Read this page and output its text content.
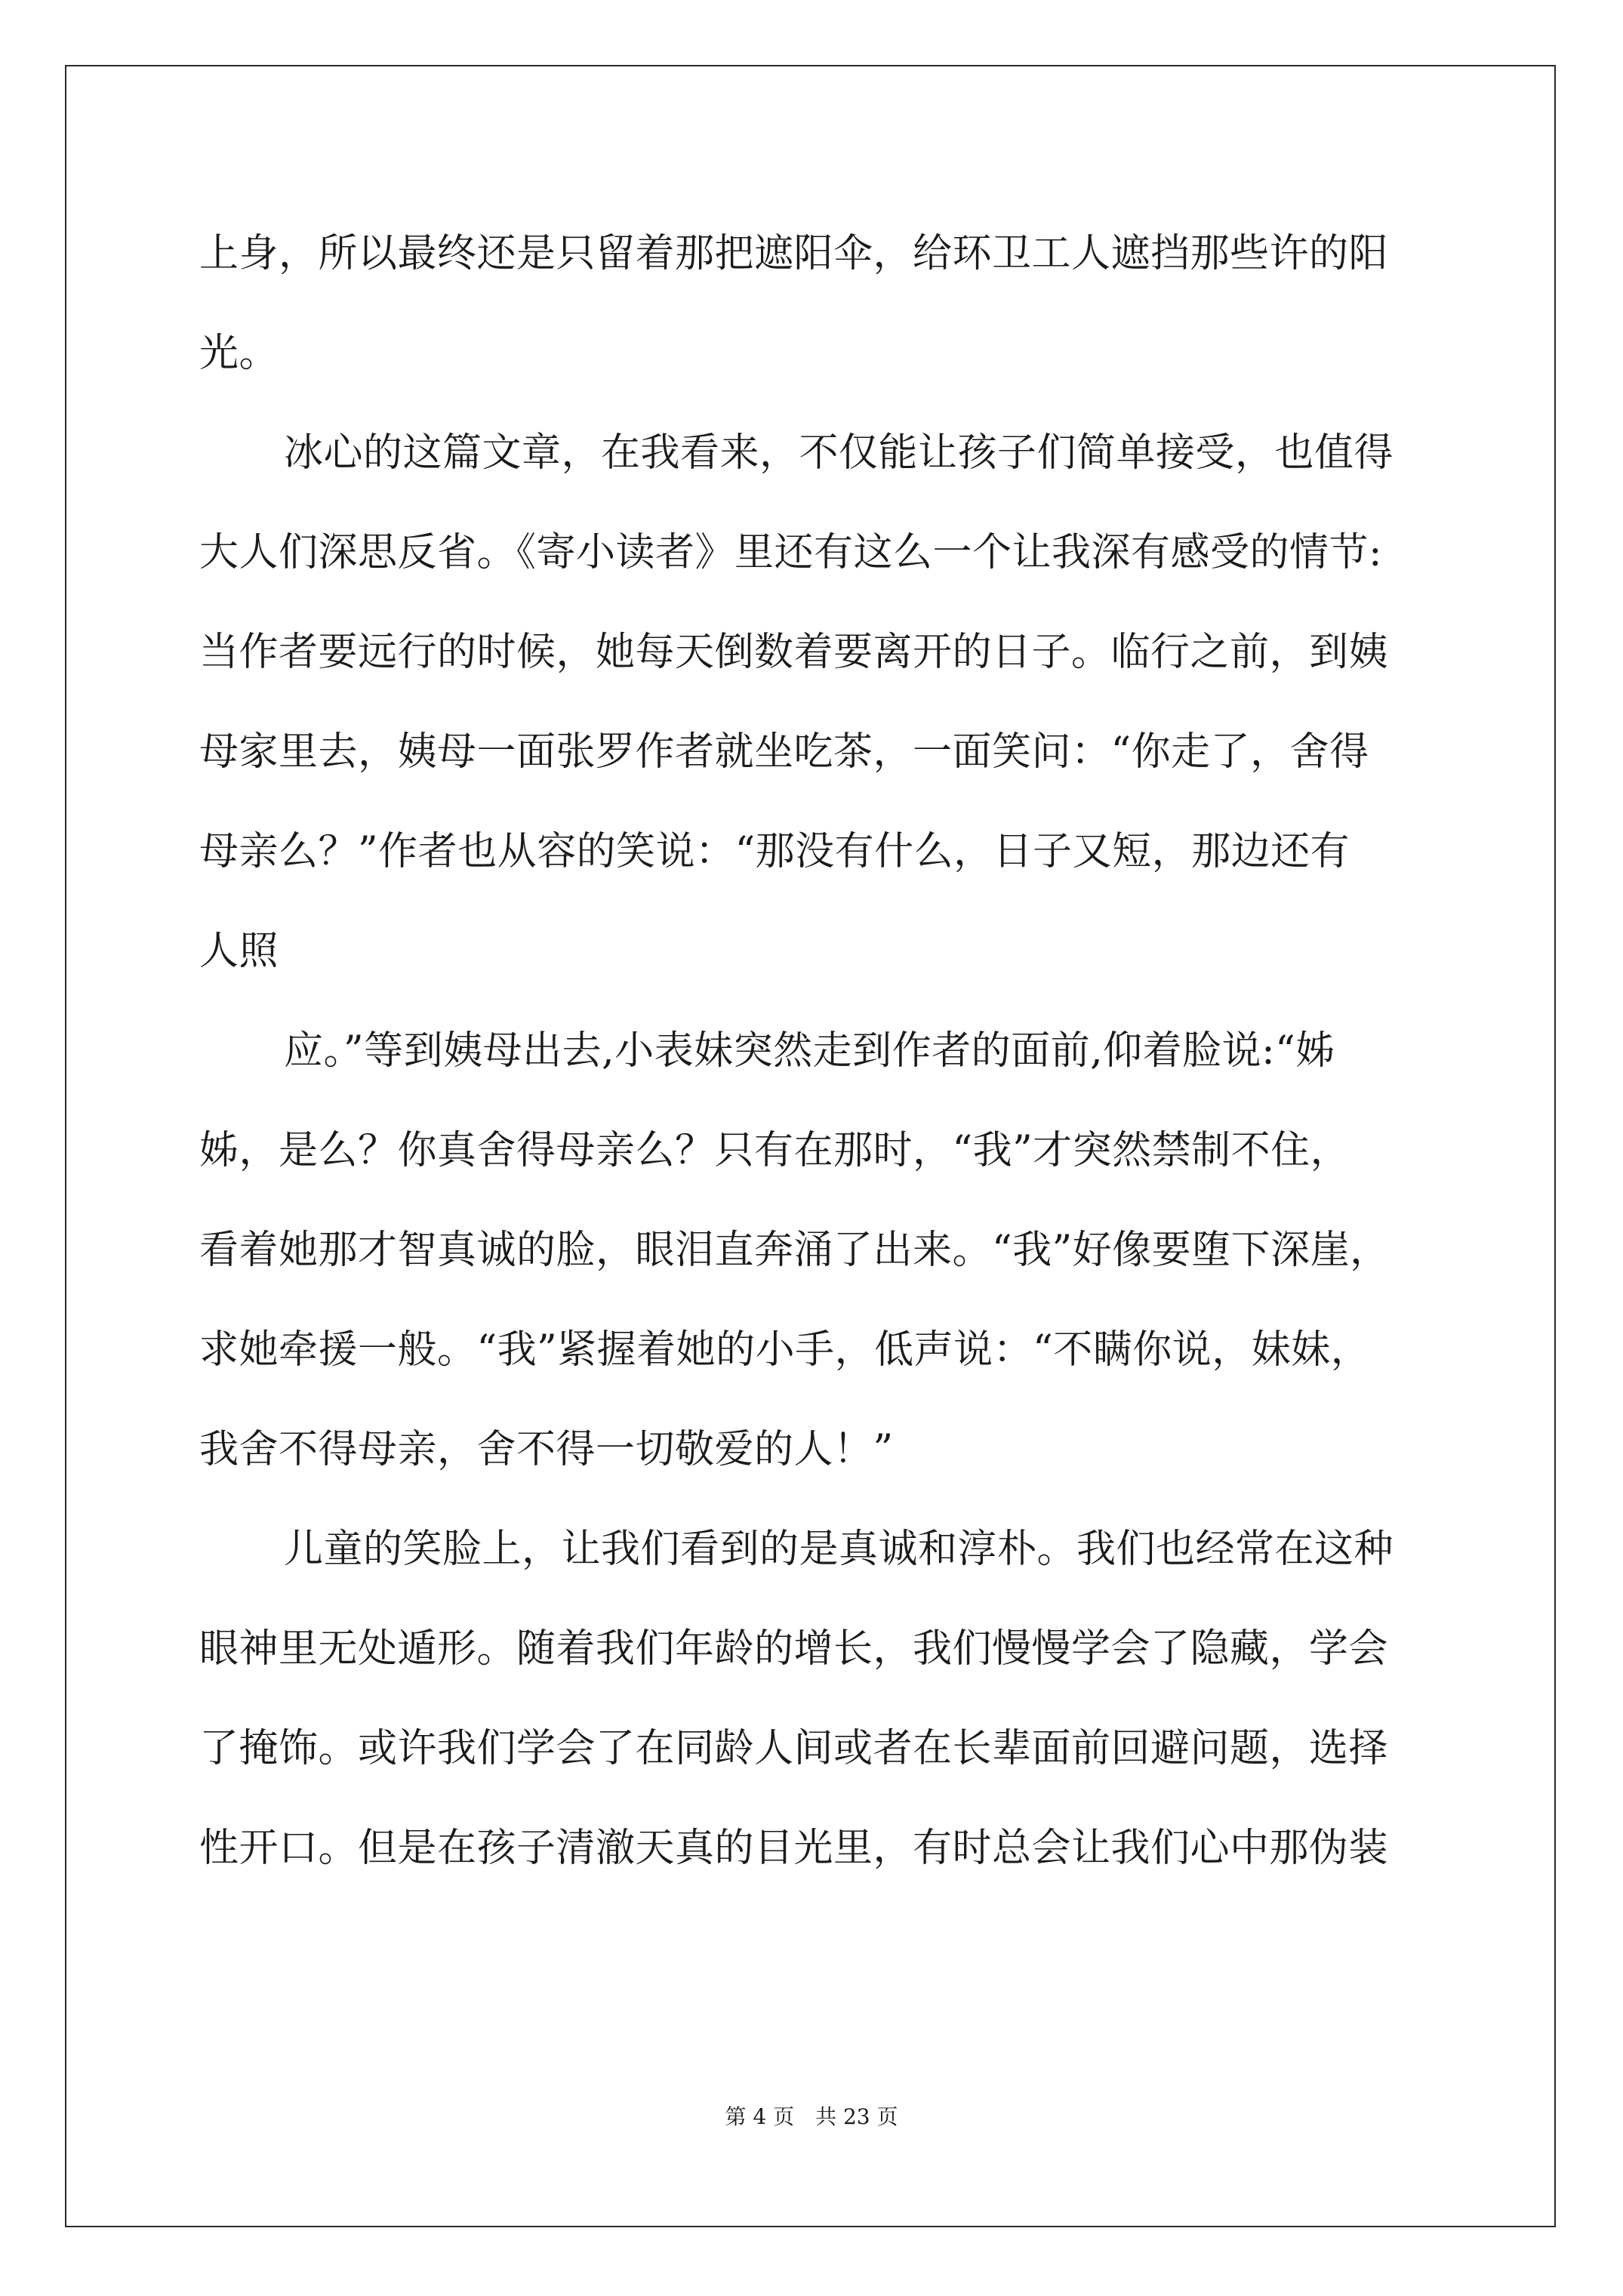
上身，所以最终还是只留着那把遮阳伞，给环卫工人遮挡那些许的阳
光。
冰心的这篇文章，在我看来，不仅能让孩子们简单接受，也值得
大人们深思反省。《寄小读者》里还有这么一个让我深有感受的情节:
当作者要远行的时候，她每天倒数着要离开的日子。临行之前，到姨
母家里去，姨母一面张罗作者就坐吃茶，一面笑问：“你走了，舍得
母亲么？”作者也从容的笑说：“那没有什么，日子又短，那边还有
人照
应。”等到姨母出去,小表妹突然走到作者的面前,仰着脸说:“姊
姊，是么？你真舍得母亲么？只有在那时，“我”才突然禁制不住，
看着她那才智真诚的脸，眼泪直奔涌了出来。“我”好像要堕下深崖，
求她牵援一般。“我”紧握着她的小手，低声说：“不瞒你说，妹妹，
我舍不得母亲，舍不得一切敬爱的人！”
儿童的笑脸上，让我们看到的是真诚和淳朴。我们也经常在这种
眼神里无处遁形。随着我们年龄的增长，我们慢慢学会了隐藏，学会
了掩饰。或许我们学会了在同龄人间或者在长辈面前回避问题，选择
性开口。但是在孩子清澈天真的目光里，有时总会让我们心中那伪装
第 4 页　共 23 页
